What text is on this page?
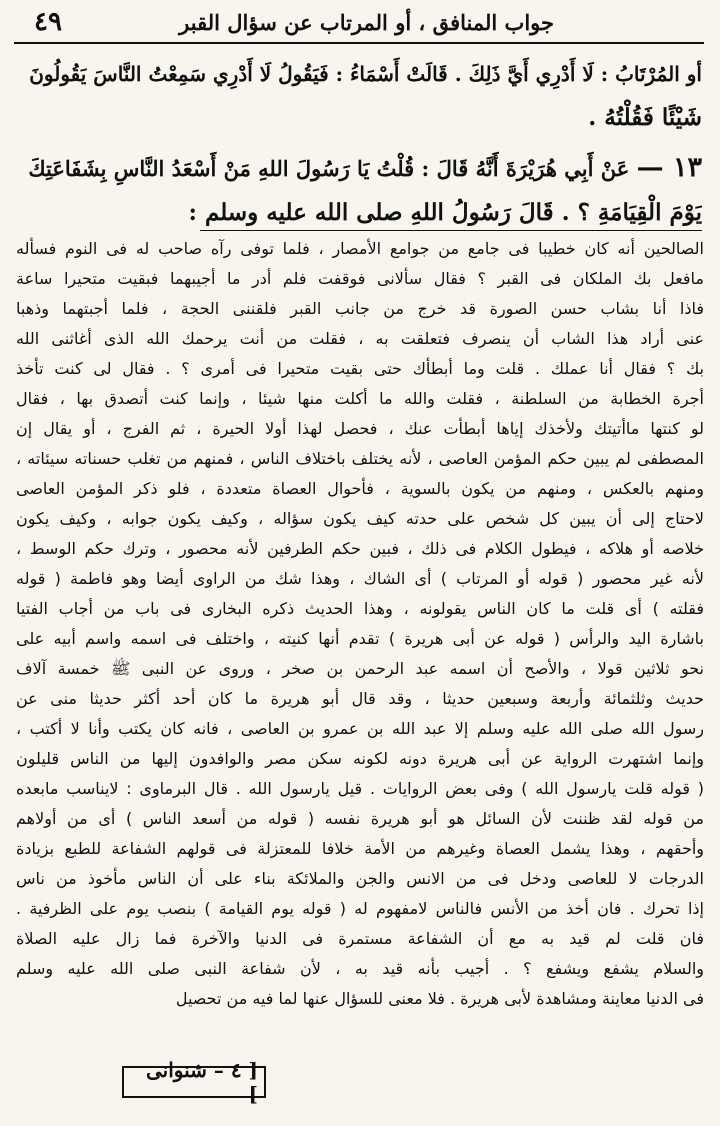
جواب المنافق ، أو المرتاب عن سؤال القبر
٤٩

أو المُرْتَابُ : لَا أَدْرِي أَيَّ ذَلِكَ . قَالَتْ أَسْمَاءُ : فَيَقُولُ لَا أَدْرِي سَمِعْتُ النَّاسَ يَقُولُونَ

شَيْئًا فَقُلْتُهُ .

١٣ — عَنْ أَبِي هُرَيْرَةَ أَنَّهُ قَالَ : قُلْتُ يَا رَسُولَ اللهِ مَنْ أَسْعَدُ النَّاسِ بِشَفَاعَتِكَ

يَوْمَ الْقِيَامَةِ ؟ . قَالَ رَسُولُ اللهِ صلى الله عليه وسلم :

الصالحين أنه كان خطيبا فى جامع من جوامع الأمصار ، فلما توفى رآه صاحب له فى النوم فسأله
مافعل بك الملكان فى القبر ؟ فقال سألانى فوقفت فلم أدر ما أجيبهما فبقيت متحيرا ساعة
فاذا أنا بشاب حسن الصورة قد خرج من جانب القبر فلقننى الحجة ، فلما أجبتهما وذهبا
عنى أراد هذا الشاب أن ينصرف فتعلقت به ، فقلت من أنت يرحمك الله الذى أغاثنى الله
بك ؟ فقال أنا عملك . قلت وما أبطأك حتى بقيت متحيرا فى أمرى ؟ . فقال لى كنت تأخذ
أجرة الخطابة من السلطنة ، فقلت والله ما أكلت منها شيئا ، وإنما كنت أتصدق بها ، فقال
لو كنتها ماأتيتك ولأخذك إياها أبطأت عنك ، فحصل لهذا أولا الحيرة ، ثم الفرج ، أو يقال إن
المصطفى لم يبين حكم المؤمن العاصى ، لأنه يختلف باختلاف الناس ، فمنهم من تغلب حسناته سيئاته ،
ومنهم بالعكس ، ومنهم من يكون بالسوية ، فأحوال العصاة متعددة ، فلو ذكر المؤمن العاصى
لاحتاج إلى أن يبين كل شخص على حدته كيف يكون سؤاله ، وكيف يكون جوابه ، وكيف يكون
خلاصه أو هلاكه ، فيطول الكلام فى ذلك ، فبين حكم الطرفين لأنه محصور ، وترك حكم الوسط ،
لأنه غير محصور ( قوله أو المرتاب ) أى الشاك ، وهذا شك من الراوى أيضا وهو فاطمة ( قوله
فقلته ) أى قلت ما كان الناس يقولونه ، وهذا الحديث ذكره البخارى فى باب من أجاب الفتيا
باشارة اليد والرأس ( قوله عن أبى هريرة ) تقدم أنها كنيته ، واختلف فى اسمه واسم أبيه على
نحو ثلاثين قولا ، والأصح أن اسمه عبد الرحمن بن صخر ، وروى عن النبى ﷺ خمسة آلاف
حديث وثلثمائة وأربعة وسبعين حديثا ، وقد قال أبو هريرة ما كان أحد أكثر حديثا منى عن
رسول الله صلى الله عليه وسلم إلا عبد الله بن عمرو بن العاصى ، فانه كان يكتب وأنا لا أكتب ،
وإنما اشتهرت الرواية عن أبى هريرة دونه لكونه سكن مصر والوافدون إليها من الناس قليلون
( قوله قلت يارسول الله ) وفى بعض الروايات . قيل يارسول الله . قال البرماوى : لايناسب مابعده
من قوله لقد ظننت لأن السائل هو أبو هريرة نفسه ( قوله من أسعد الناس ) أى من أولاهم
وأحقهم ، وهذا يشمل العصاة وغيرهم من الأمة خلافا للمعتزلة فى قولهم الشفاعة للطبع بزيادة
الدرجات لا للعاصى ودخل فى من الانس والجن والملائكة بناء على أن الناس مأخوذ من ناس
إذا تحرك . فان أخذ من الأنس فالناس لامفهوم له ( قوله يوم القيامة ) بنصب يوم على الظرفية .
فان قلت لم قيد به مع أن الشفاعة مستمرة فى الدنيا والآخرة فما زال عليه الصلاة
والسلام يشفع ويشفع ؟ . أجيب بأنه قيد به ، لأن شفاعة النبى صلى الله عليه وسلم
فى الدنيا معاينة ومشاهدة لأبى هريرة . فلا معنى للسؤال عنها لما فيه من تحصيل
[ ٤ – شنوانى ]
